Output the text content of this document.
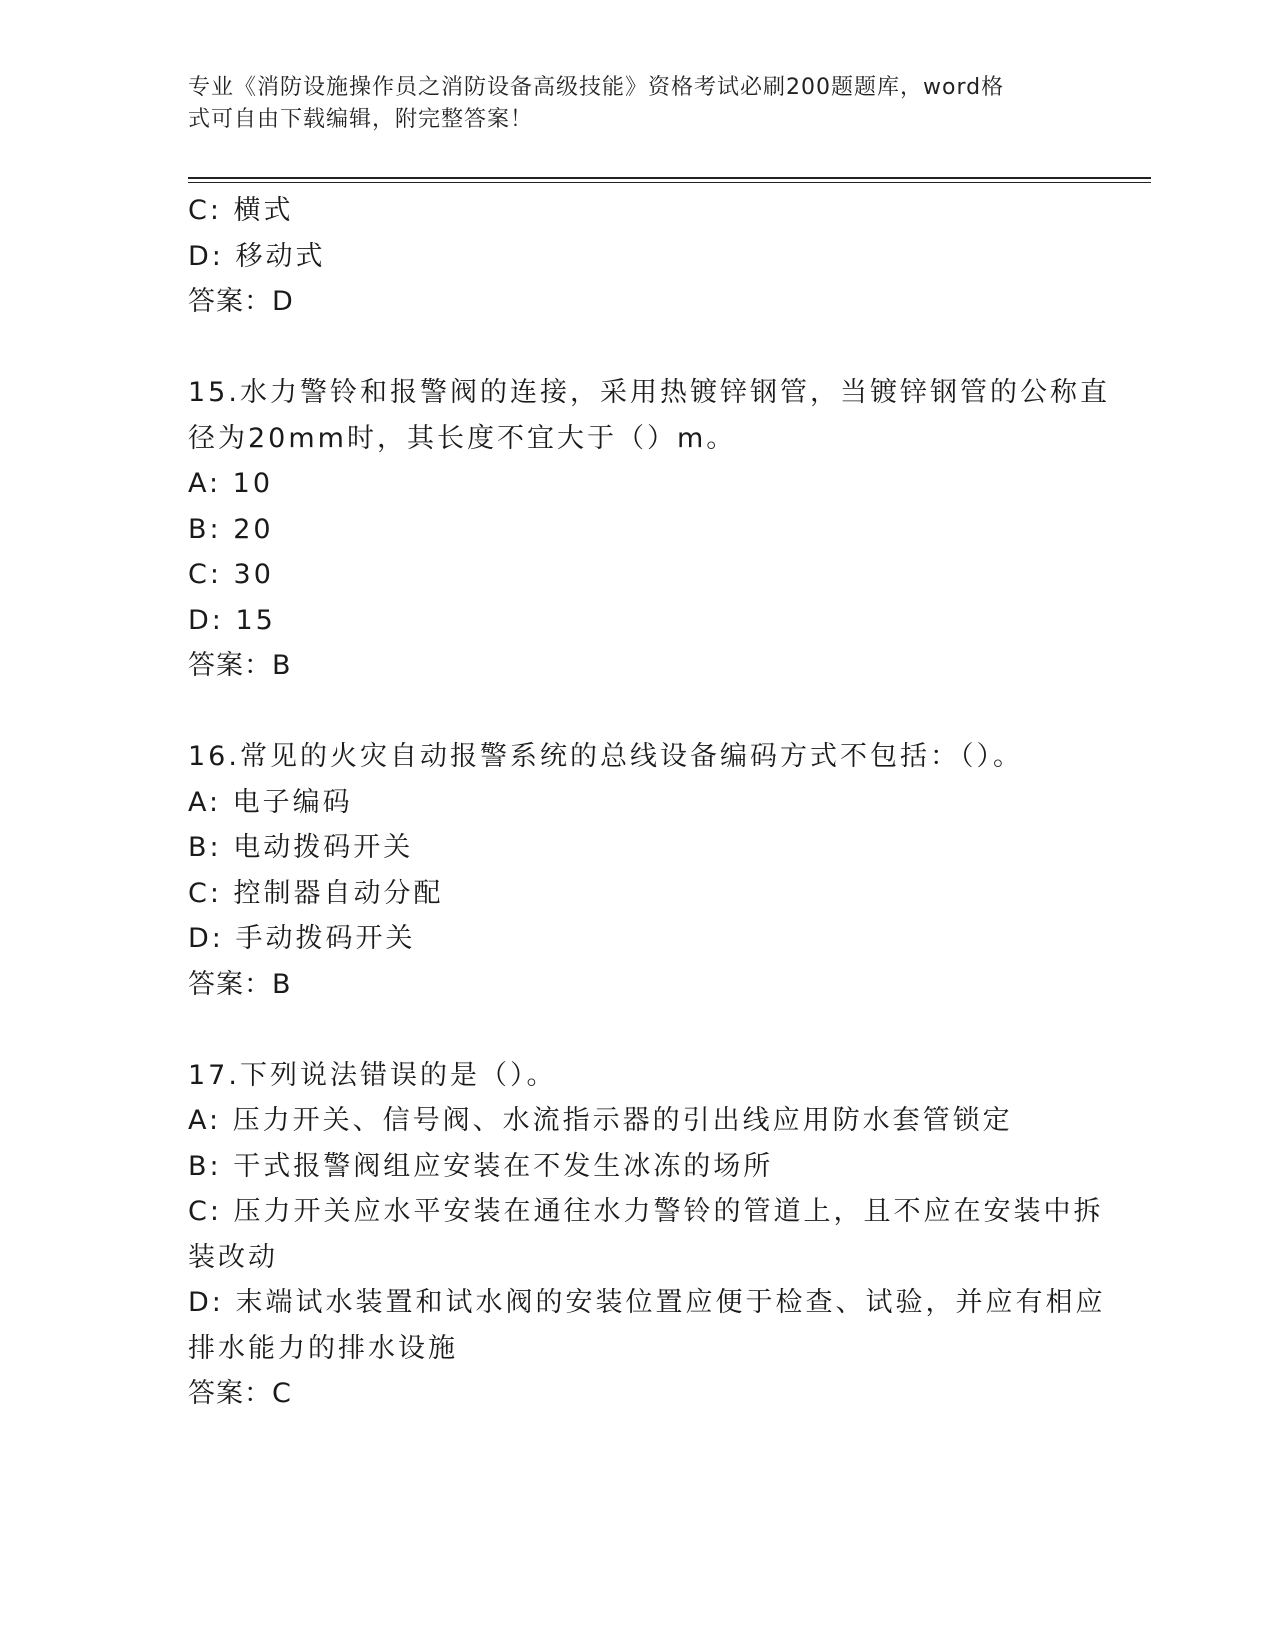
专业《消防设施操作员之消防设备高级技能》资格考试必刷200题题库，word格
式可自由下载编辑，附完整答案！
C: 横式
D: 移动式
答案：D
15.水力警铃和报警阀的连接，采用热镀锌钢管，当镀锌钢管的公称直
径为20mm时，其长度不宜大于（）m。
A: 10
B: 20
C: 30
D: 15
答案：B
16.常见的火灾自动报警系统的总线设备编码方式不包括：（）。
A: 电子编码
B: 电动拨码开关
C: 控制器自动分配
D: 手动拨码开关
答案：B
17.下列说法错误的是（）。
A: 压力开关、信号阀、水流指示器的引出线应用防水套管锁定
B: 干式报警阀组应安装在不发生冰冻的场所
C: 压力开关应水平安装在通往水力警铃的管道上，且不应在安装中拆
装改动
D: 末端试水装置和试水阀的安装位置应便于检查、试验，并应有相应
排水能力的排水设施
答案：C
